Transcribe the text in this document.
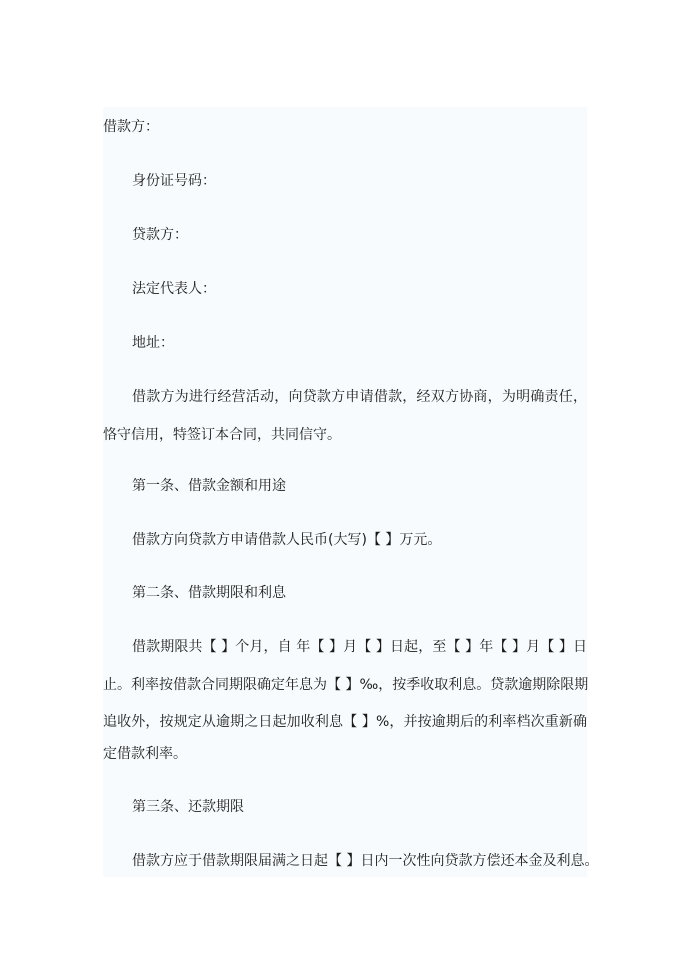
借款方：
身份证号码：
贷款方：
法定代表人：
地址：
借款方为进行经营活动，向贷款方申请借款，经双方协商，为明确责任，
恪守信用，特签订本合同，共同信守。
第一条、借款金额和用途
借款方向贷款方申请借款人民币(大写)【 】万元。
第二条、借款期限和利息
借款期限共【 】个月，自 年【 】月【 】日起，至【 】年【 】月【 】日
止。利率按借款合同期限确定年息为【 】‰，按季收取利息。贷款逾期除限期
追收外，按规定从逾期之日起加收利息【 】%，并按逾期后的利率档次重新确
定借款利率。
第三条、还款期限
借款方应于借款期限届满之日起【 】日内一次性向贷款方偿还本金及利息。
